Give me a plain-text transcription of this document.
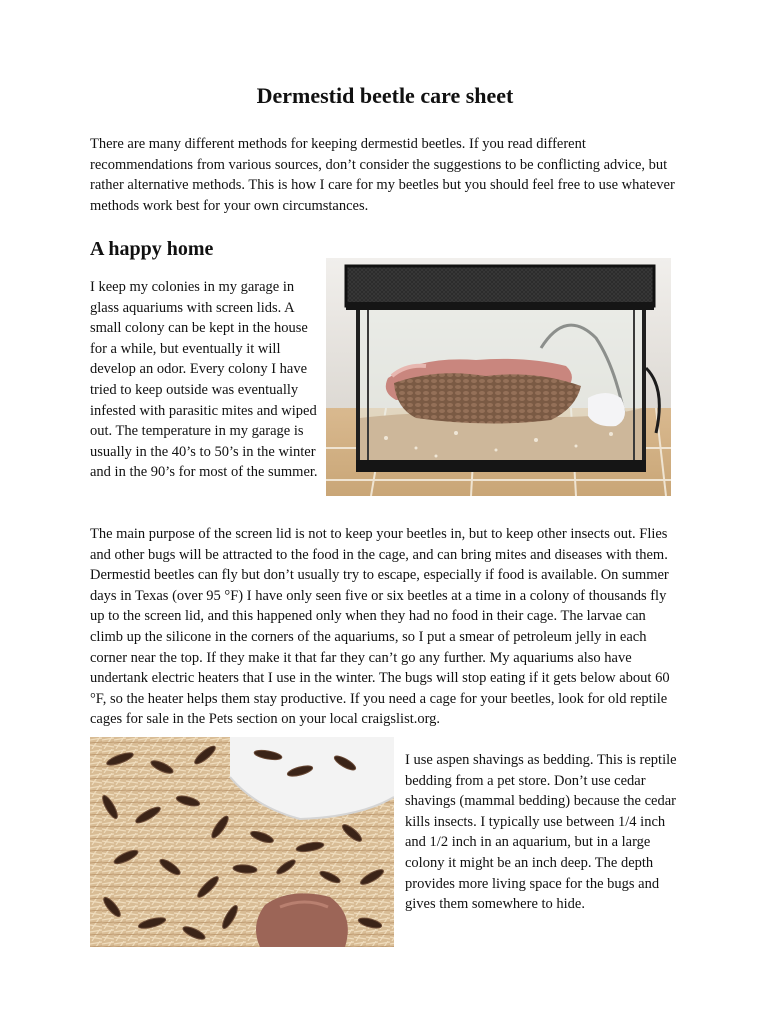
Dermestid beetle care sheet

There are many different methods for keeping dermestid beetles. If you read different recommendations from various sources, don’t consider the suggestions to be conflicting advice, but rather alternative methods. This is how I care for my beetles but you should feel free to use whatever methods work best for your own circumstances.

A happy home

I keep my colonies in my garage in glass aquariums with screen lids. A small colony can be kept in the house for a while, but eventually it will develop an odor. Every colony I have tried to keep outside was eventually infested with parasitic mites and wiped out. The temperature in my garage is usually in the 40’s to 50’s in the winter and in the 90’s for most of the summer.

The main purpose of the screen lid is not to keep your beetles in, but to keep other insects out. Flies and other bugs will be attracted to the food in the cage, and can bring mites and diseases with them. Dermestid beetles can fly but don’t usually try to escape, especially if food is available. On summer days in Texas (over 95 °F) I have only seen five or six beetles at a time in a colony of thousands fly up to the screen lid, and this happened only when they had no food in their cage. The larvae can climb up the silicone in the corners of the aquariums, so I put a smear of petroleum jelly in each corner near the top. If they make it that far they can’t go any further. My aquariums also have undertank electric heaters that I use in the winter. The bugs will stop eating if it gets below about 60 °F, so the heater helps them stay productive. If you need a cage for your beetles, look for old reptile cages for sale in the Pets section on your local craigslist.org.

I use aspen shavings as bedding. This is reptile bedding from a pet store. Don’t use cedar shavings (mammal bedding) because the cedar kills insects. I typically use between 1/4 inch and 1/2 inch in an aquarium, but in a large colony it might be an inch deep. The depth provides more living space for the bugs and gives them somewhere to hide.
